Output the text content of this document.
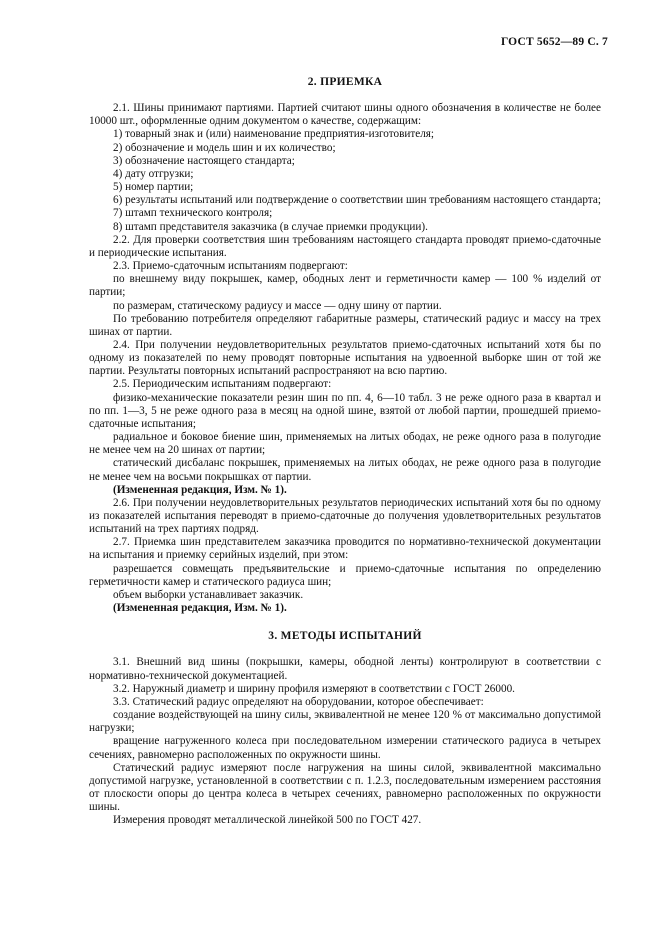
ГОСТ 5652—89 С. 7
2. ПРИЕМКА
2.1. Шины принимают партиями. Партией считают шины одного обозначения в количестве не более 10000 шт., оформленные одним документом о качестве, содержащим:
1) товарный знак и (или) наименование предприятия-изготовителя;
2) обозначение и модель шин и их количество;
3) обозначение настоящего стандарта;
4) дату отгрузки;
5) номер партии;
6) результаты испытаний или подтверждение о соответствии шин требованиям настоящего стандарта;
7) штамп технического контроля;
8) штамп представителя заказчика (в случае приемки продукции).
2.2. Для проверки соответствия шин требованиям настоящего стандарта проводят приемо-сдаточные и периодические испытания.
2.3. Приемо-сдаточным испытаниям подвергают:
по внешнему виду покрышек, камер, ободных лент и герметичности камер — 100 % изделий от партии;
по размерам, статическому радиусу и массе — одну шину от партии.
По требованию потребителя определяют габаритные размеры, статический радиус и массу на трех шинах от партии.
2.4. При получении неудовлетворительных результатов приемо-сдаточных испытаний хотя бы по одному из показателей по нему проводят повторные испытания на удвоенной выборке шин от той же партии. Результаты повторных испытаний распространяют на всю партию.
2.5. Периодическим испытаниям подвергают:
физико-механические показатели резин шин по пп. 4, 6—10 табл. 3 не реже одного раза в квартал и по пп. 1—3, 5 не реже одного раза в месяц на одной шине, взятой от любой партии, прошедшей приемо-сдаточные испытания;
радиальное и боковое биение шин, применяемых на литых ободах, не реже одного раза в полугодие не менее чем на 20 шинах от партии;
статический дисбаланс покрышек, применяемых на литых ободах, не реже одного раза в полугодие не менее чем на восьми покрышках от партии.
(Измененная редакция, Изм. № 1).
2.6. При получении неудовлетворительных результатов периодических испытаний хотя бы по одному из показателей испытания переводят в приемо-сдаточные до получения удовлетворительных результатов испытаний на трех партиях подряд.
2.7. Приемка шин представителем заказчика проводится по нормативно-технической документации на испытания и приемку серийных изделий, при этом:
разрешается совмещать предъявительские и приемо-сдаточные испытания по определению герметичности камер и статического радиуса шин;
объем выборки устанавливает заказчик.
(Измененная редакция, Изм. № 1).
3. МЕТОДЫ ИСПЫТАНИЙ
3.1. Внешний вид шины (покрышки, камеры, ободной ленты) контролируют в соответствии с нормативно-технической документацией.
3.2. Наружный диаметр и ширину профиля измеряют в соответствии с ГОСТ 26000.
3.3. Статический радиус определяют на оборудовании, которое обеспечивает:
создание воздействующей на шину силы, эквивалентной не менее 120 % от максимально допустимой нагрузки;
вращение нагруженного колеса при последовательном измерении статического радиуса в четырех сечениях, равномерно расположенных по окружности шины.
Статический радиус измеряют после нагружения на шины силой, эквивалентной максимально допустимой нагрузке, установленной в соответствии с п. 1.2.3, последовательным измерением расстояния от плоскости опоры до центра колеса в четырех сечениях, равномерно расположенных по окружности шины.
Измерения проводят металлической линейкой 500 по ГОСТ 427.
